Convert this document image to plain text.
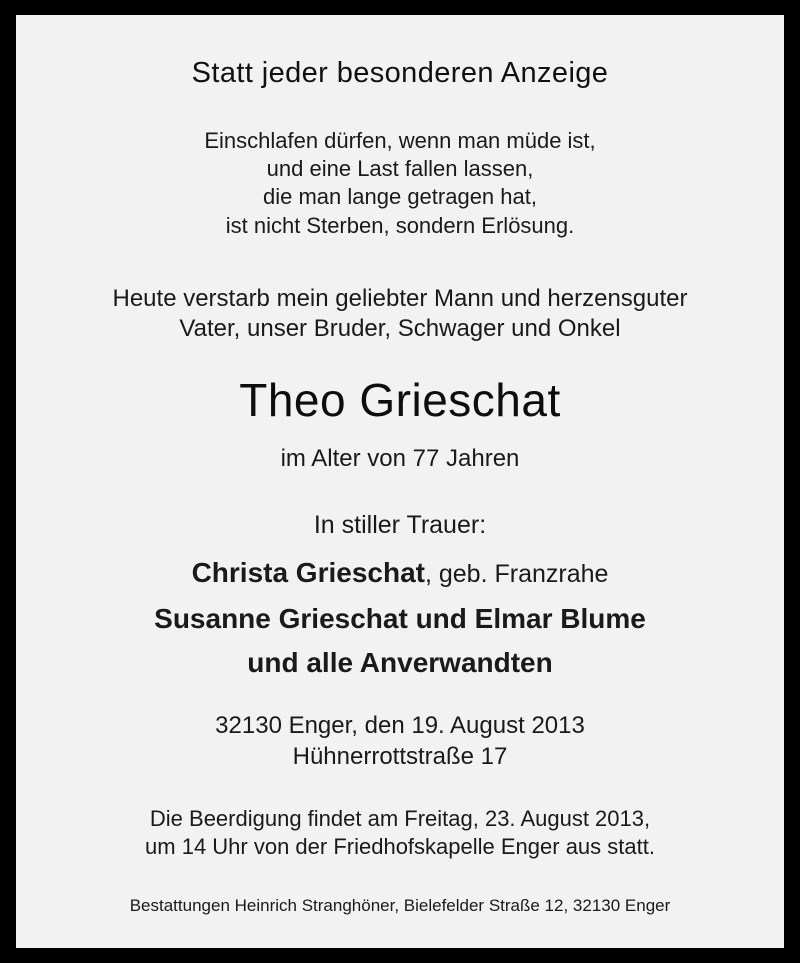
Statt jeder besonderen Anzeige
Einschlafen dürfen, wenn man müde ist,
und eine Last fallen lassen,
die man lange getragen hat,
ist nicht Sterben, sondern Erlösung.
Heute verstarb mein geliebter Mann und herzensguter
Vater, unser Bruder, Schwager und Onkel
Theo Grieschat
im Alter von 77 Jahren
In stiller Trauer:
Christa Grieschat, geb. Franzrahe
Susanne Grieschat und Elmar Blume
und alle Anverwandten
32130 Enger, den 19. August 2013
Hühnerrottstraße 17
Die Beerdigung findet am Freitag, 23. August 2013,
um 14 Uhr von der Friedhofskapelle Enger aus statt.
Bestattungen Heinrich Stranghöner, Bielefelder Straße 12, 32130 Enger
